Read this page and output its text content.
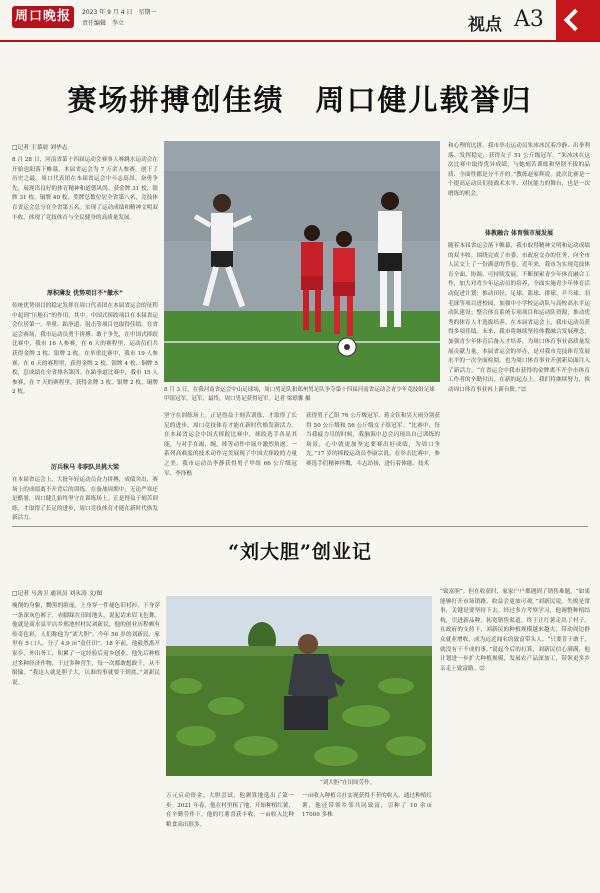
周口晚报	2023 年 9 月 4 日　星期一
责任编辑　李立	视点 A3
赛场拼搏创佳绩　周口健儿载誉归
□记者 王慕晨 刘毕志
8 月 28 日，河南省第十四届运动会赛事人赛跳水运动会在开始也阳落下帷幕。本届省运会为 7 万余人参赛，创下了历史之最。周口代表团在本届省运会中斗志高昂、奋勇争先，展现出良好的体育精神和道德风尚。获金牌 31 枚、银牌 31 枚、铜牌 40 枚，奖牌总数位居全省第八名，竞技体育省运会总分在全省第五名。实现了运动成绩和精神文明双丰收，体现了竞技体育与全民健身的高质量发展。
厚积薄发 优势项目不“撤水”
传统优势项目的稳定发挥在周口代表团在本届省运会的征程中起到“压舱石”的作用。其中，中国式摔跤项目在本届省运会位居第一。举重、跆拳道、射击等项目也取得佳绩。在省运会赛场，我市运动员勇于拼搏、敢于争先，在中国式摔跤比赛中，我市 16 人参赛，在 6 天的赛程里，运动员们共获得金牌 3 枚、银牌 2 枚。在举重比赛中，我市 19 人参赛，在 6 天的赛程里，获得金牌 2 枚、银牌 4 枚、铜牌 5 枚，总成绩在全省排名第四。在跆拳道比赛中，我市 15 人参赛，在 7 天的赛程里，获得金牌 3 枚、银牌 2 枚、铜牌 2 枚。
厉兵秣马 非职队员挑大梁
在本届省运会上，大批年轻运动员奋力拼搏，成绩突出，赛场上的成绩离不开背后的训练。在备战周期中，无论严寒还是酷暑，周口健儿始终坚守在训练场上。正是得益于刻苦训练，才取得了长足的进步，周口竞技体育才能在新时代焕发新活力。
8 月 3 日，在我河南省运会中山足球场，周口男足队和郑州男足队争夺第十四届河南省运动会青少年竞技组足球甲组冠军。冠军，最终，周口男足获得冠军。记者 梁璟馨 摄
坚守在训练场上。正是得益于刻苦训练，才取得了长足的进步，周口竞技体育才能在新时代焕发新活力。在本届省运会中国式摔跤比赛中，摔跤选手各显其能，与对手在竭、缠，摔等动作中展开激烈角逐。一系列高难度的技术动作完美展现了中国式摔跤的力量之美。我市运动员李静获得男子甲组 66 公斤级冠军、李泽楷
获得男子乙组 76 公斤级冠军、蒋文钰和吴天雨分别获得 50 公斤级和 56 公斤级女子组冠军。“比赛中，每当我疲力尽的时候，我脑海中总会闪现出自己训练的场景，心中就更加坚定要赛出好成绩，为周口争光。”17 岁的摔跤运动员李康宗说。在举击比赛中，参赛选手们精神抖擞，斗志昂扬，进行着体能、技术
和心理的比拼。我市举击运动员朱冰冰沉着冷静、出拳利落、发挥稳定，获得女子 51 公斤级冠军。“朱冰冰在这次比赛中取得优异成绩，与她刻苦训练和坚韧不拔的品质、全面性都是分不开的。”教练赵家辉说。此次比赛是一个提高运动员们技战术水平、对抗能力的舞台，也是一次磨练的机会。
体教融合 体育强市展发展
随着本届省运会落下帷幕，我市取得精神文明和运动成绩的双丰收。围绕完成了市委、市政府交办的任务，向全市人民交上了一份满意的答卷。近年来，我市为实现竞技体育全面、协调、可持续发展，不断探索青少年体育融合工作，加大对青少年运动员的培养，全面实施青少年体育活动促进计划；推动田径、足球、篮球、排球、乒乓球、羽毛球等项目进校园，加强中小学校运动队与高校高水平运动队建设；整合体育系统专项项目和运动队资源，推动优秀的体育人才选拔培养。在本届省运会上，我市运动员获得多项佳绩。未来，我市将继续坚持体教融合发展理念，加强青少年体育后备人才培养，为周口体育事业高质量发展贡献力量。本届省运会的举办，是对我市竞技体育发展水平的一次全面检阅，也为周口体育事业开创新局面注入了新活力。“在省运会中我市获得的金牌离不开全市体育工作者的辛勤付出，在新的起点上，我们将继续努力，推动周口体育事业再上新台阶。”㉒
“刘大胆”创业记
□记者 马劲卫 通讯员 刘永涛 文/图
瘦削的身躯，黝黑的脸庞，上身穿一件褪色旧衬衫，下身穿一条深灰色裤子，赤脚踩在田间地头，说起话来眉飞色舞。他就是商水县平店乡邢池村村民刘新民，他的创业历程颇有传奇色彩，人们称他为“刘大胆”。今年 56 岁的刘新民，家里有 5 口人，分了 4.9 亩“责任田”。18 年前，他毅然离开家乡，外出务工，积累了一定经验后返乡创业。他先后种植过多种经济作物，干过多种营生，每一次都敢想敢干，从不服输。“我这人就是胆子大，认准的事就要干到底。”刘新民说。
“刘大胆”在田间劳作。
万元启动资金。大胆尝试，他测算地选出了第一步。2021 年春，他在村里租了地，开始种植红薯，在辛勤劳作下，他的红薯喜获丰收，一亩收入比种粮食高出很多。
一亩收入种植合社实现获得不菲的收入。通过种植红薯，他还带领乡邻共同致富，引种了 10 余亩 17000 多株
“致富胆”。但在收获时，家家户户都遇到了销售难题。“如果能够打开市场销路，收益会更加可观。”刘新民说。失败是常事，关键是要坚持下去。经过多方考察学习，他调整种植结构，引进新品种，拓宽销售渠道，终于让红薯走出了村子。在政府的支持下，刘新民的种植规模越来越大，带动周边群众就业增收，成为远近闻名的致富带头人。“只要肯干敢干，就没有干不成的事。”说起今后的打算，刘新民信心满满，他计划进一步扩大种植规模，发展农产品深加工，带领更多乡亲走上致富路。㉒
